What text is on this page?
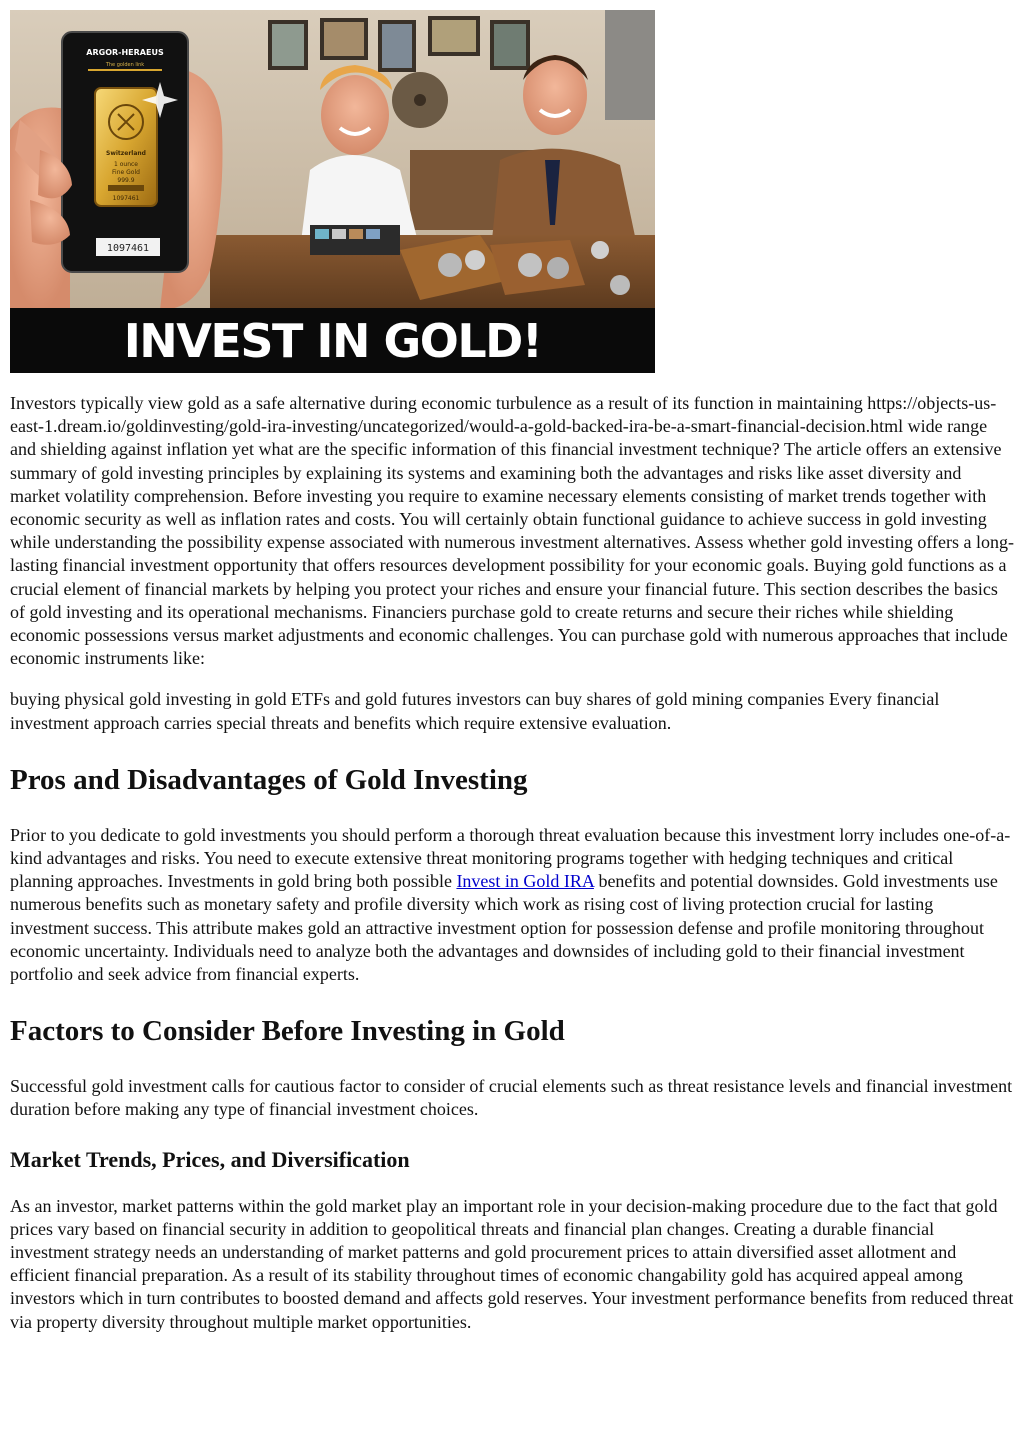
ARGOR-HERAEUS
The golden link
Switzerland
1 ounce
Fine Gold
999.9
1097461
1097461
INVEST IN GOLD!

Investors typically view gold as a safe alternative during economic turbulence as a result of its function in maintaining https://objects-us-east-1.dream.io/goldinvesting/gold-ira-investing/uncategorized/would-a-gold-backed-ira-be-a-smart-financial-decision.html wide range and shielding against inflation yet what are the specific information of this financial investment technique? The article offers an extensive summary of gold investing principles by explaining its systems and examining both the advantages and risks like asset diversity and market volatility comprehension. Before investing you require to examine necessary elements consisting of market trends together with economic security as well as inflation rates and costs. You will certainly obtain functional guidance to achieve success in gold investing while understanding the possibility expense associated with numerous investment alternatives. Assess whether gold investing offers a long-lasting financial investment opportunity that offers resources development possibility for your economic goals. Buying gold functions as a crucial element of financial markets by helping you protect your riches and ensure your financial future. This section describes the basics of gold investing and its operational mechanisms. Financiers purchase gold to create returns and secure their riches while shielding economic possessions versus market adjustments and economic challenges. You can purchase gold with numerous approaches that include economic instruments like:

buying physical gold investing in gold ETFs and gold futures investors can buy shares of gold mining companies Every financial investment approach carries special threats and benefits which require extensive evaluation.

Pros and Disadvantages of Gold Investing

Prior to you dedicate to gold investments you should perform a thorough threat evaluation because this investment lorry includes one-of-a-kind advantages and risks. You need to execute extensive threat monitoring programs together with hedging techniques and critical planning approaches. Investments in gold bring both possible Invest in Gold IRA benefits and potential downsides. Gold investments use numerous benefits such as monetary safety and profile diversity which work as rising cost of living protection crucial for lasting investment success. This attribute makes gold an attractive investment option for possession defense and profile monitoring throughout economic uncertainty. Individuals need to analyze both the advantages and downsides of including gold to their financial investment portfolio and seek advice from financial experts.

Factors to Consider Before Investing in Gold

Successful gold investment calls for cautious factor to consider of crucial elements such as threat resistance levels and financial investment duration before making any type of financial investment choices.

Market Trends, Prices, and Diversification

As an investor, market patterns within the gold market play an important role in your decision-making procedure due to the fact that gold prices vary based on financial security in addition to geopolitical threats and financial plan changes. Creating a durable financial investment strategy needs an understanding of market patterns and gold procurement prices to attain diversified asset allotment and efficient financial preparation. As a result of its stability throughout times of economic changability gold has acquired appeal among investors which in turn contributes to boosted demand and affects gold reserves. Your investment performance benefits from reduced threat via property diversity throughout multiple market opportunities.
